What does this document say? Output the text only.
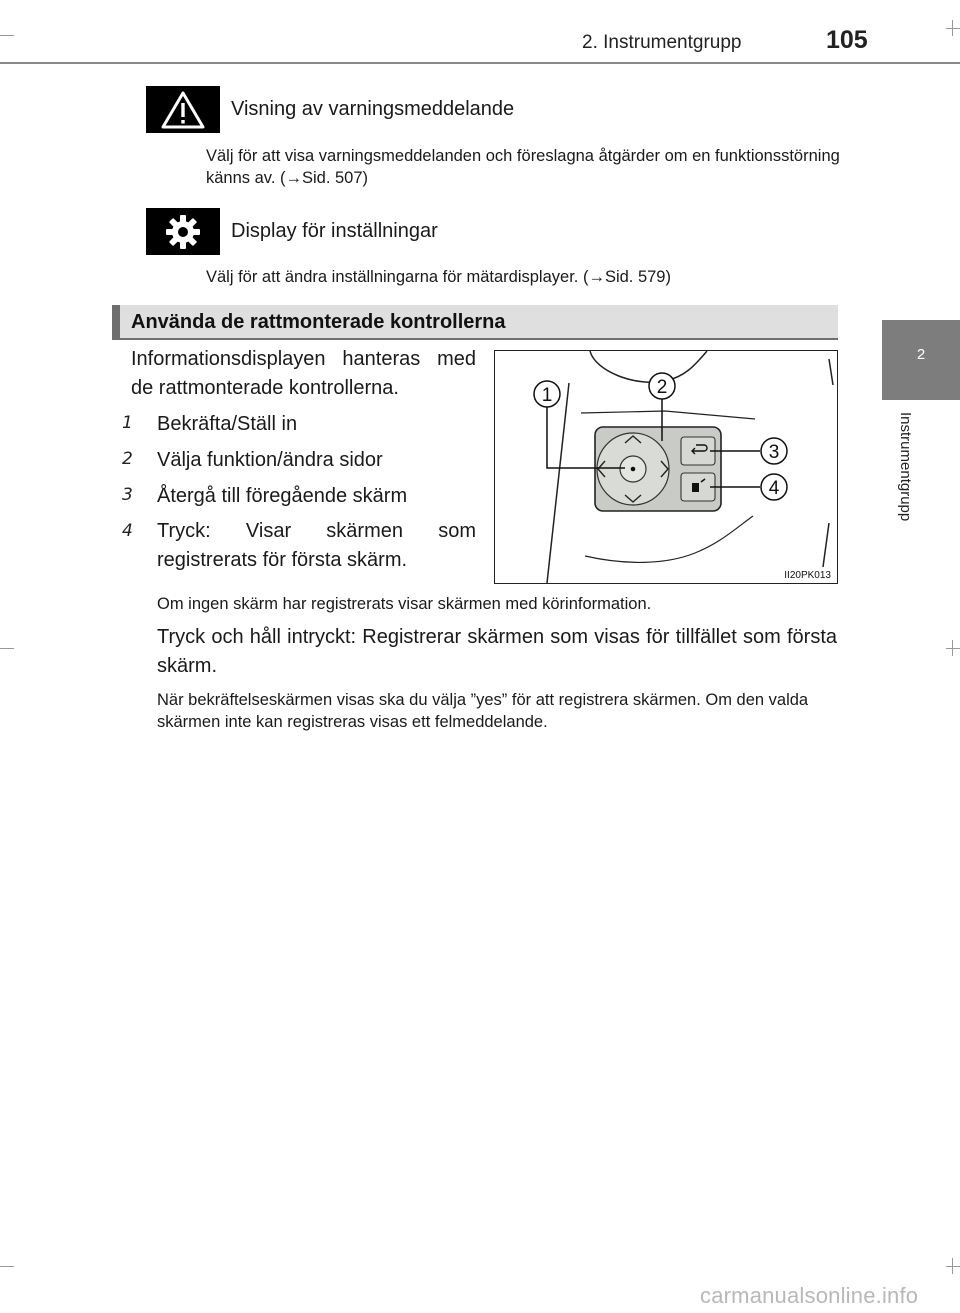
2. Instrumentgrupp	105
2
Instrumentgrupp
Visning av varningsmeddelande
Välj för att visa varningsmeddelanden och föreslagna åtgärder om en funktionsstörning känns av. (→Sid. 507)
Display för inställningar
Välj för att ändra inställningarna för mätardisplayer. (→Sid. 579)
Använda de rattmonterade kontrollerna
Informationsdisplayen hanteras med de rattmonterade kontrollerna.
1 Bekräfta/Ställ in
2 Välja funktion/ändra sidor
3 Återgå till föregående skärm
4 Tryck: Visar skärmen som registrerats för första skärm.
1	2
3
4
II20PK013
Om ingen skärm har registrerats visar skärmen med körinformation.
Tryck och håll intryckt: Registrerar skärmen som visas för tillfället som första skärm.
När bekräftelseskärmen visas ska du välja ”yes” för att registrera skärmen. Om den valda skärmen inte kan registreras visas ett felmeddelande.
carmanualsonline.info
